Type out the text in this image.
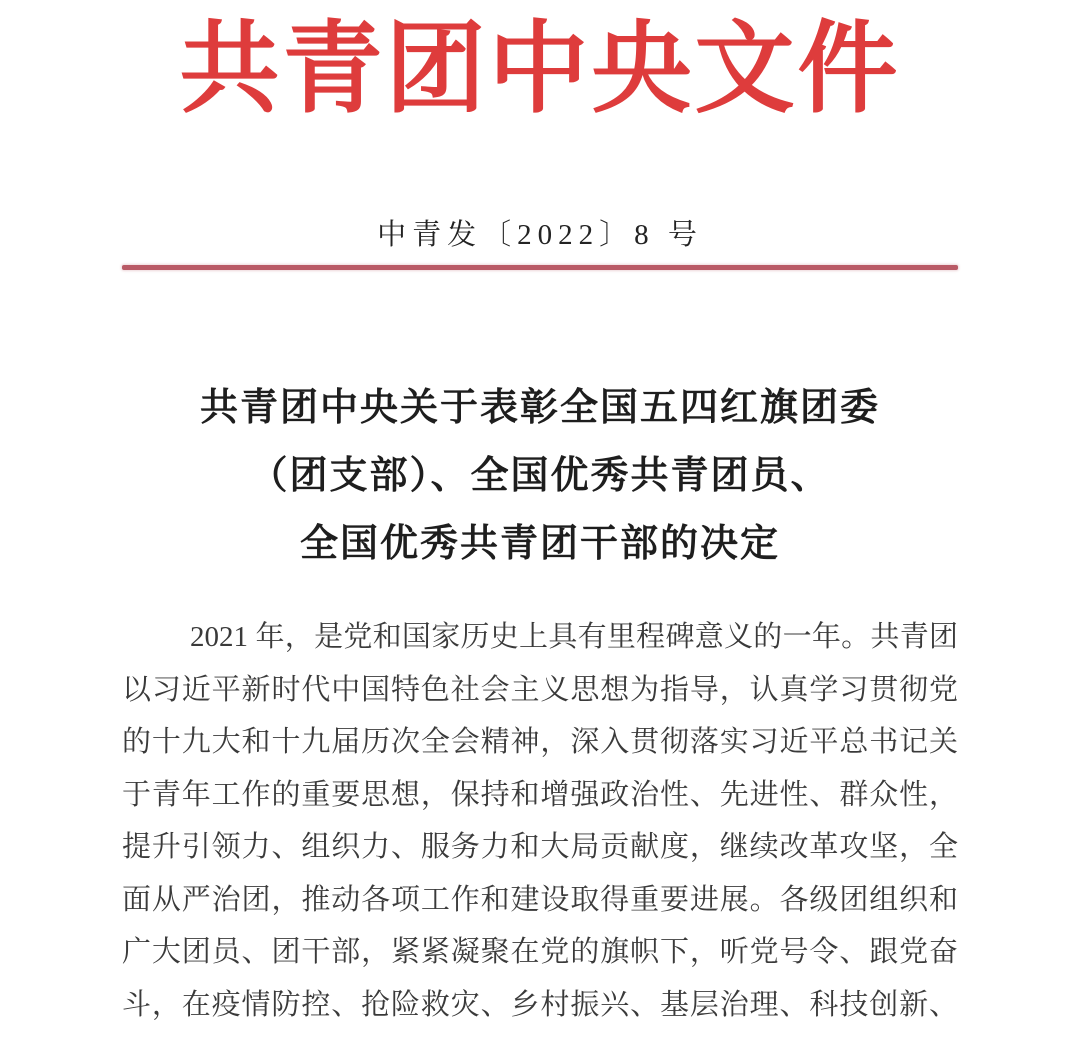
共青团中央文件
中青发〔2022〕8 号
共青团中央关于表彰全国五四红旗团委
（团支部）、全国优秀共青团员、
全国优秀共青团干部的决定
2021 年，是党和国家历史上具有里程碑意义的一年。共青团
以习近平新时代中国特色社会主义思想为指导，认真学习贯彻党
的十九大和十九届历次全会精神，深入贯彻落实习近平总书记关
于青年工作的重要思想，保持和增强政治性、先进性、群众性，
提升引领力、组织力、服务力和大局贡献度，继续改革攻坚，全
面从严治团，推动各项工作和建设取得重要进展。各级团组织和
广大团员、团干部，紧紧凝聚在党的旗帜下，听党号令、跟党奋
斗，在疫情防控、抢险救灾、乡村振兴、基层治理、科技创新、
